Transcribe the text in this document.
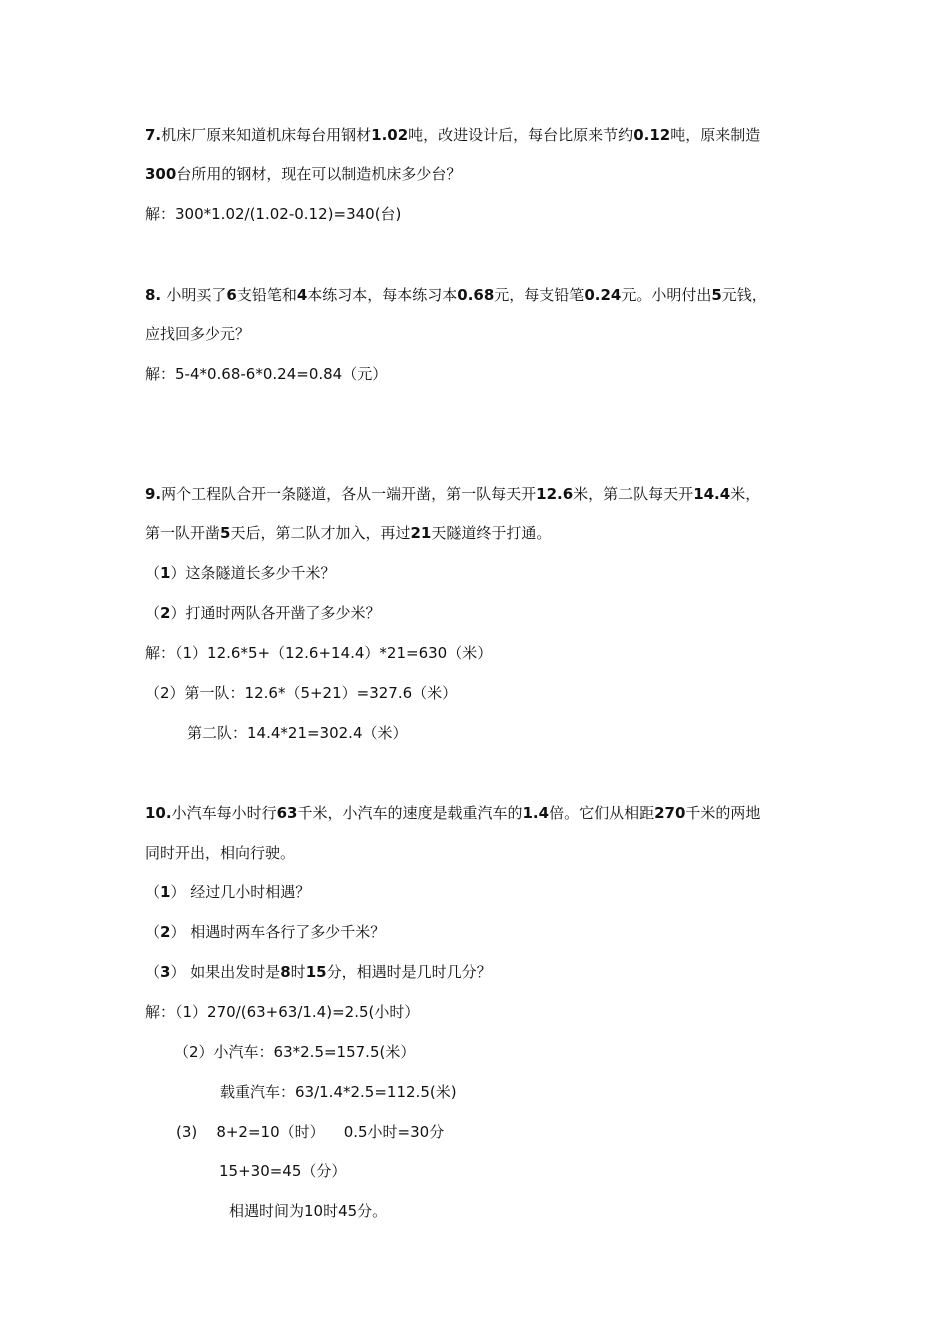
7.机床厂原来知道机床每台用钢材1.02吨，改进设计后，每台比原来节约0.12吨，原来制造
300台所用的钢材，现在可以制造机床多少台？
解：300*1.02/(1.02-0.12)=340(台)
8. 小明买了6支铅笔和4本练习本，每本练习本0.68元，每支铅笔0.24元。小明付出5元钱，
应找回多少元？
解：5-4*0.68-6*0.24=0.84（元）
9.两个工程队合开一条隧道，各从一端开凿，第一队每天开12.6米，第二队每天开14.4米，
第一队开凿5天后，第二队才加入，再过21天隧道终于打通。
（1）这条隧道长多少千米？
（2）打通时两队各开凿了多少米？
解：（1）12.6*5+（12.6+14.4）*21=630（米）
（2）第一队：12.6*（5+21）=327.6（米）
第二队：14.4*21=302.4（米）
10.小汽车每小时行63千米，小汽车的速度是载重汽车的1.4倍。它们从相距270千米的两地
同时开出，相向行驶。
（1） 经过几小时相遇？
（2） 相遇时两车各行了多少千米？
（3） 如果出发时是8时15分，相遇时是几时几分？
解：（1）270/(63+63/1.4)=2.5(小时）
（2）小汽车：63*2.5=157.5(米）
载重汽车：63/1.4*2.5=112.5(米)
(3)    8+2=10（时）    0.5小时=30分
15+30=45（分）
相遇时间为10时45分。
